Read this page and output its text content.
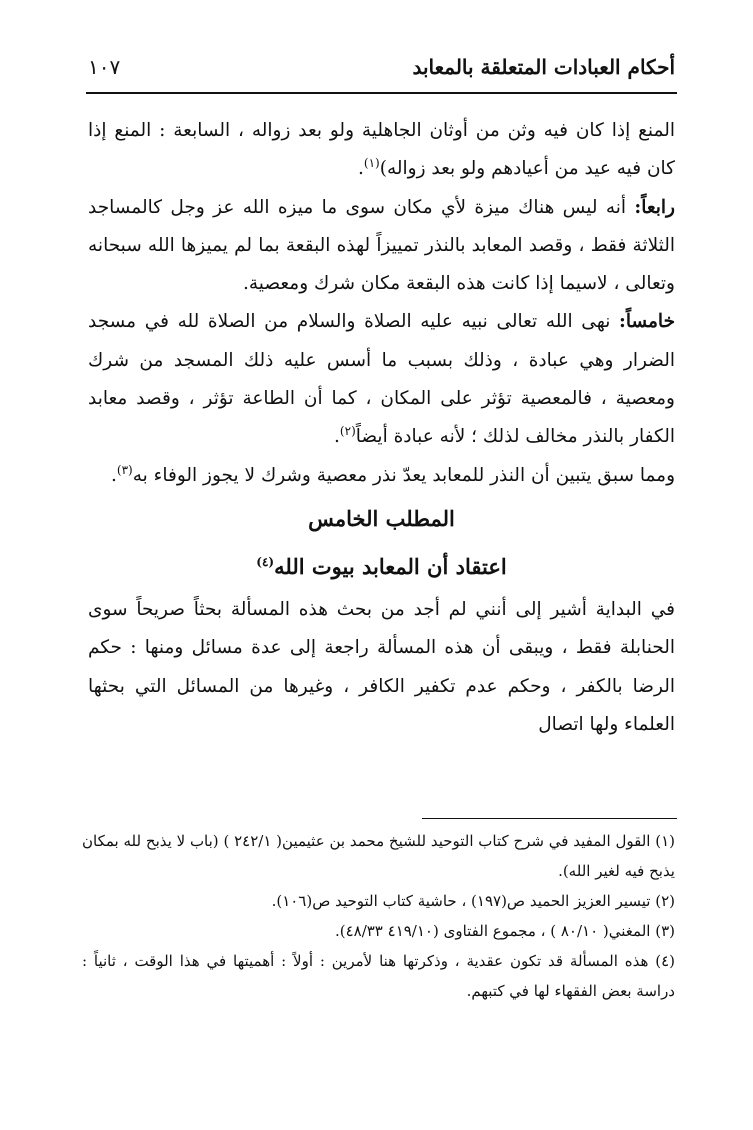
أحكام العبادات المتعلقة بالمعابد
١٠٧

المنع إذا كان فيه وثن من أوثان الجاهلية ولو بعد زواله ، السابعة : المنع إذا كان فيه عيد من أعيادهم ولو بعد زواله)$^{(١)}$.

رابعاً: أنه ليس هناك ميزة لأي مكان سوى ما ميزه الله عز وجل كالمساجد الثلاثة فقط ، وقصد المعابد بالنذر تمييزاً لهذه البقعة بما لم يميزها الله سبحانه وتعالى ، لاسيما إذا كانت هذه البقعة مكان شرك ومعصية.

خامساً: نهى الله تعالى نبيه عليه الصلاة والسلام من الصلاة لله في مسجد الضرار وهي عبادة ، وذلك بسبب ما أسس عليه ذلك المسجد من شرك ومعصية ، فالمعصية تؤثر على المكان ، كما أن الطاعة تؤثر ، وقصد معابد الكفار بالنذر مخالف لذلك ؛ لأنه عبادة أيضاً$^{(٢)}$.

ومما سبق يتبين أن النذر للمعابد يعدّ نذر معصية وشرك لا يجوز الوفاء به$^{(٣)}$.

المطلب الخامس

اعتقاد أن المعابد بيوت الله$^{(٤)}$

في البداية أشير إلى أنني لم أجد من بحث هذه المسألة بحثاً صريحاً سوى الحنابلة فقط ، ويبقى أن هذه المسألة راجعة إلى عدة مسائل ومنها : حكم الرضا بالكفر ، وحكم عدم تكفير الكافر ، وغيرها من المسائل التي بحثها العلماء ولها اتصال

(١) القول المفيد في شرح كتاب التوحيد للشيخ محمد بن عثيمين( ٢٤٢/١ ) (باب لا يذبح لله بمكان يذبح فيه لغير الله).

(٢) تيسير العزيز الحميد ص(١٩٧) ، حاشية كتاب التوحيد ص(١٠٦).

(٣) المغني( ٨٠/١٠ ) ، مجموع الفتاوى (٤١٩/١٠ ٤٨/٣٣).

(٤) هذه المسألة قد تكون عقدية ، وذكرتها هنا لأمرين : أولاً : أهميتها في هذا الوقت ، ثانياً : دراسة بعض الفقهاء لها في كتبهم.
